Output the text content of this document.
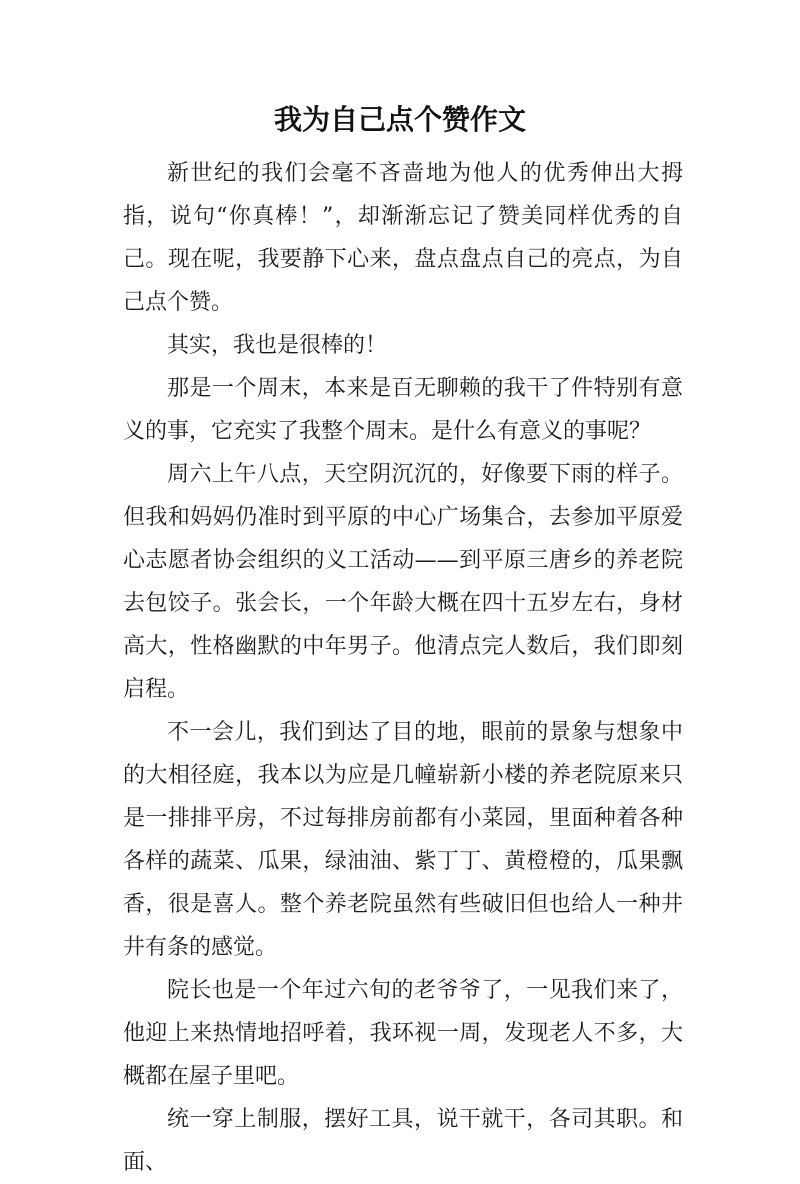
我为自己点个赞作文

新世纪的我们会毫不吝啬地为他人的优秀伸出大拇指，说句“你真棒！”，却渐渐忘记了赞美同样优秀的自己。现在呢，我要静下心来，盘点盘点自己的亮点，为自己点个赞。

其实，我也是很棒的！

那是一个周末，本来是百无聊赖的我干了件特别有意义的事，它充实了我整个周末。是什么有意义的事呢？

周六上午八点，天空阴沉沉的，好像要下雨的样子。但我和妈妈仍准时到平原的中心广场集合，去参加平原爱心志愿者协会组织的义工活动——到平原三唐乡的养老院去包饺子。张会长，一个年龄大概在四十五岁左右，身材高大，性格幽默的中年男子。他清点完人数后，我们即刻启程。

不一会儿，我们到达了目的地，眼前的景象与想象中的大相径庭，我本以为应是几幢崭新小楼的养老院原来只是一排排平房，不过每排房前都有小菜园，里面种着各种各样的蔬菜、瓜果，绿油油、紫丁丁、黄橙橙的，瓜果飘香，很是喜人。整个养老院虽然有些破旧但也给人一种井井有条的感觉。

院长也是一个年过六旬的老爷爷了，一见我们来了，他迎上来热情地招呼着，我环视一周，发现老人不多，大概都在屋子里吧。

统一穿上制服，摆好工具，说干就干，各司其职。和面、
